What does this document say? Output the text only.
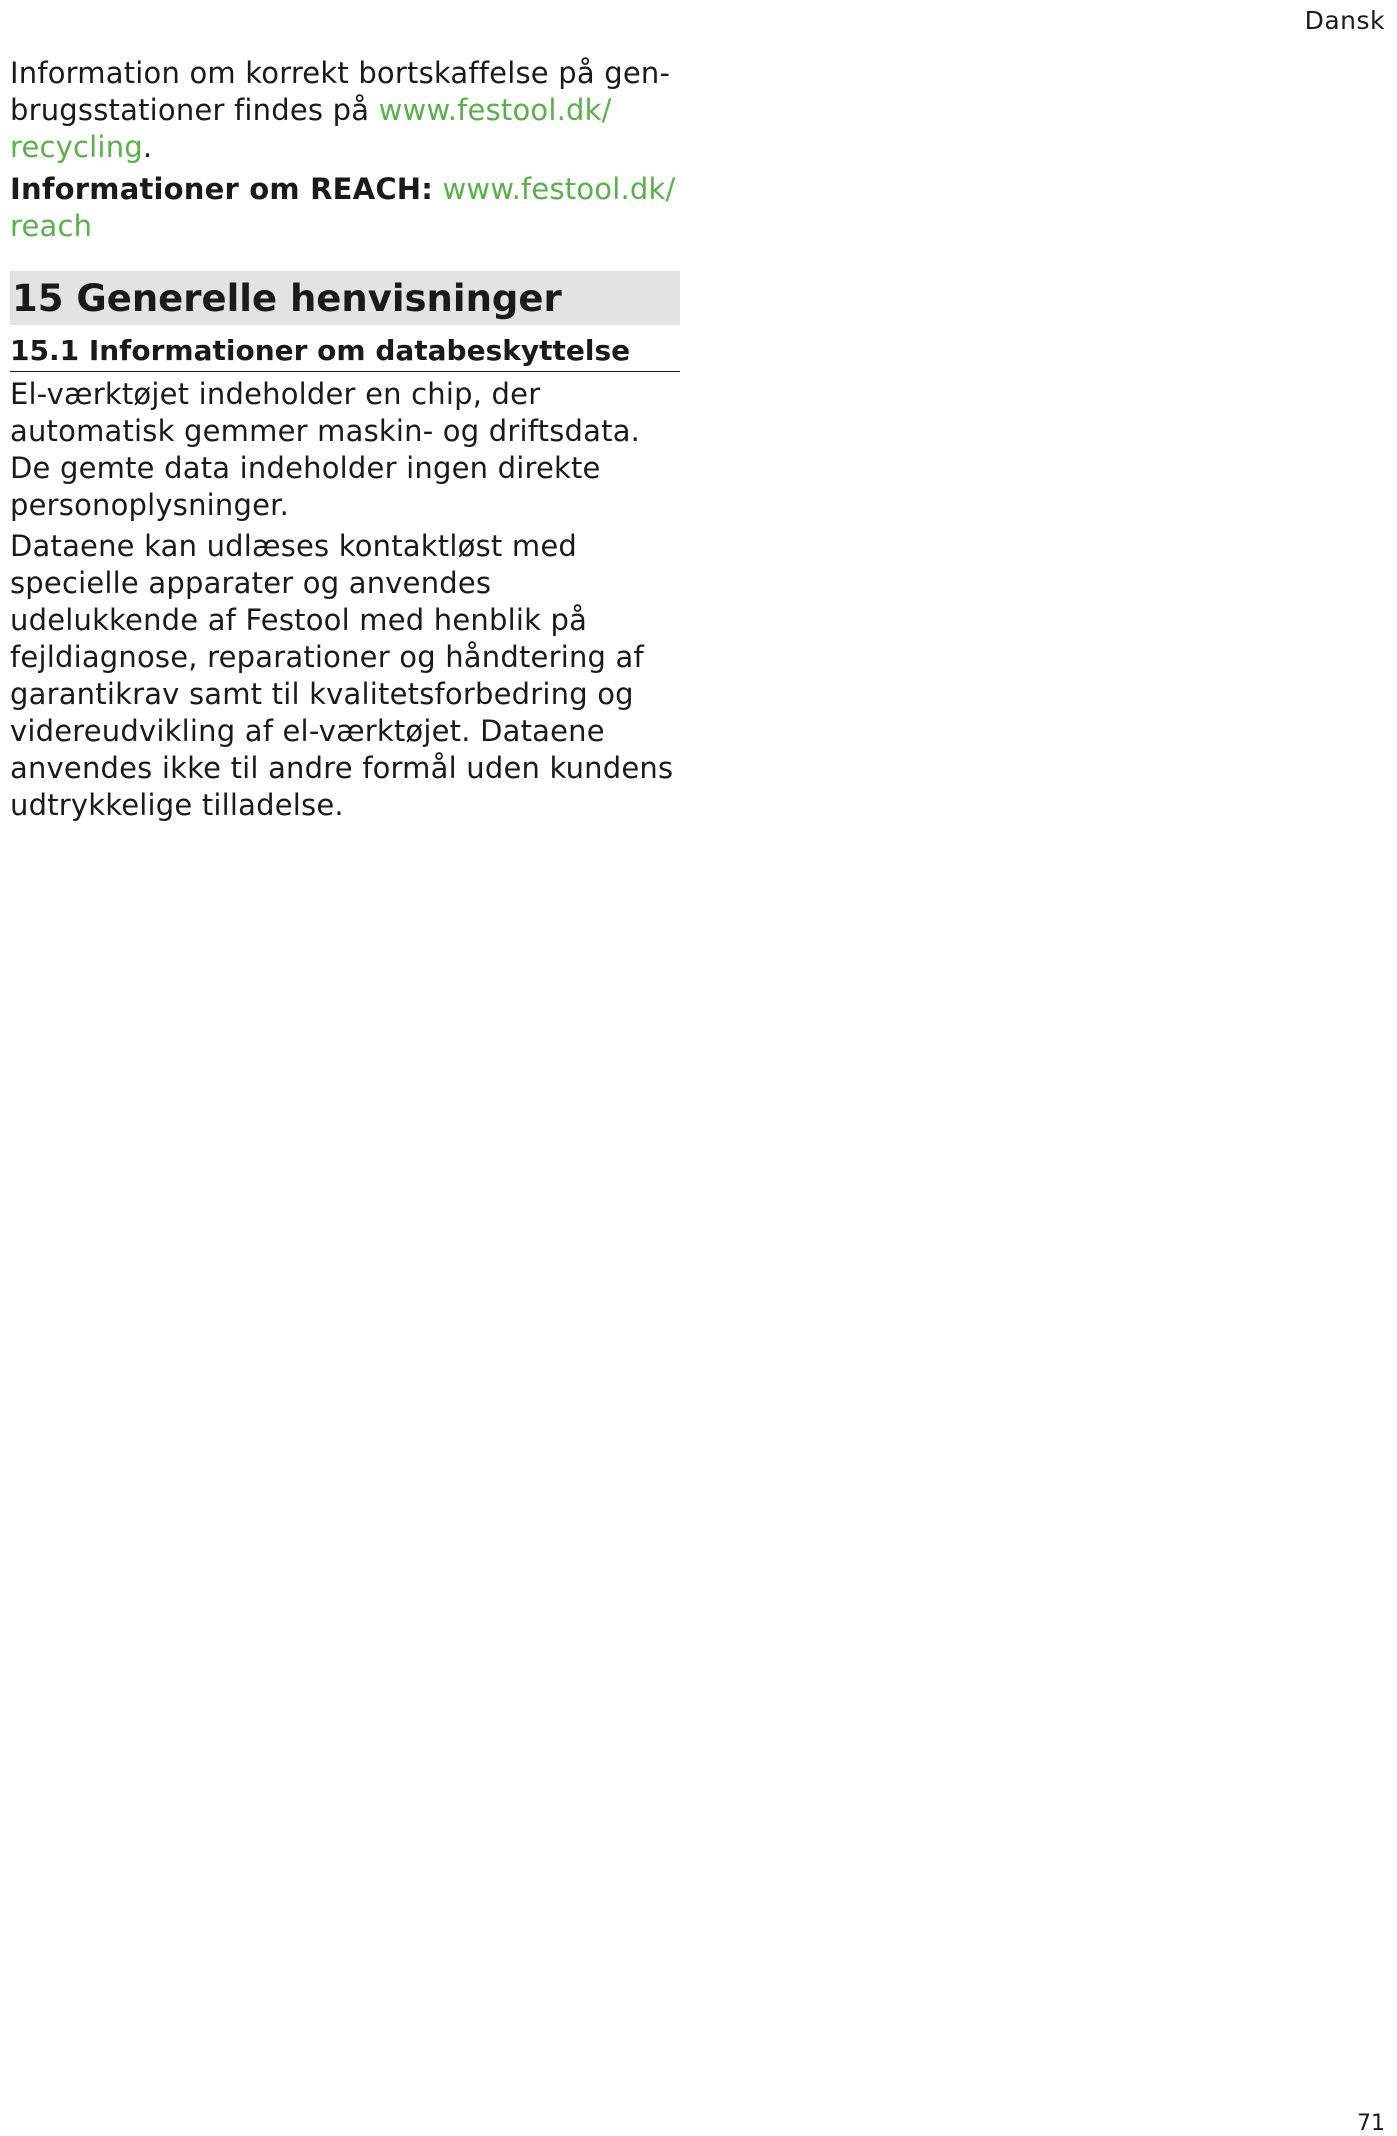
Dansk

Information om korrekt bortskaffelse på genbrugsstationer findes på www.festool.dk/​recycling.

Informationer om REACH: www.festool.dk/​reach

15 Generelle henvisninger
15.1 Informationer om databeskyttelse

El-værktøjet indeholder en chip, der automatisk gemmer maskin- og driftsdata. De gemte data indeholder ingen direkte personoplysninger.

Dataene kan udlæses kontaktløst med specielle apparater og anvendes udelukkende af Festool med henblik på fejldiagnose, reparationer og håndtering af garantikrav samt til kvalitetsforbedring og videreudvikling af el-værktøjet. Dataene anvendes ikke til andre formål uden kundens udtrykkelige tilladelse.

71
